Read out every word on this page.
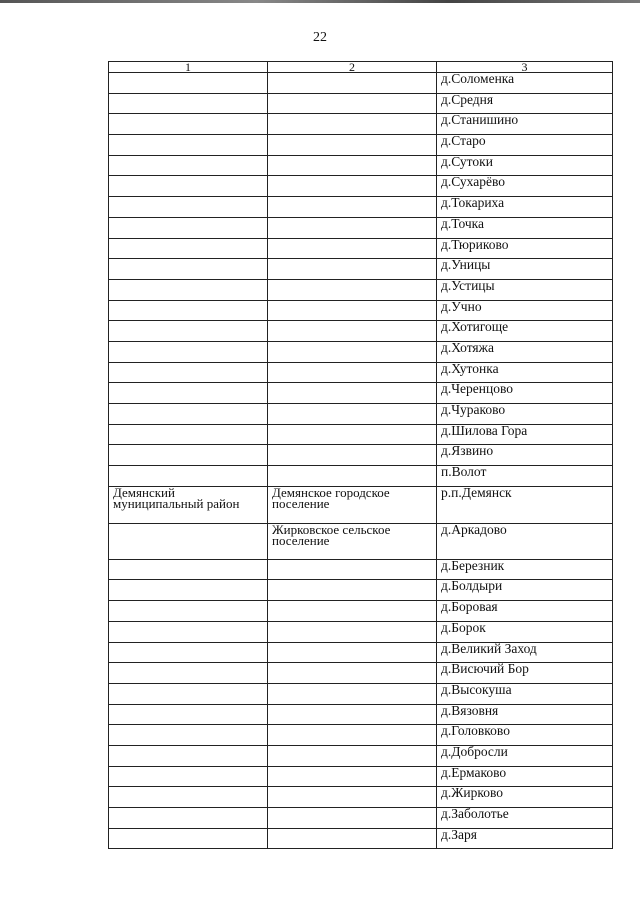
22
1	2	3
		д.Соломенка
		д.Средня
		д.Станишино
		д.Старо
		д.Сутоки
		д.Сухарёво
		д.Токариха
		д.Точка
		д.Тюриково
		д.Уницы
		д.Устицы
		д.Учно
		д.Хотигоще
		д.Хотяжа
		д.Хутонка
		д.Черенцово
		д.Чураково
		д.Шилова Гора
		д.Язвино
		п.Волот
Демянский муниципальный район	Демянское городское поселение	р.п.Демянск
	Жирковское сельское поселение	д.Аркадово
		д.Березник
		д.Болдыри
		д.Боровая
		д.Борок
		д.Великий Заход
		д.Висючий Бор
		д.Высокуша
		д.Вязовня
		д.Головково
		д.Добросли
		д.Ермаково
		д.Жирково
		д.Заболотье
		д.Заря
